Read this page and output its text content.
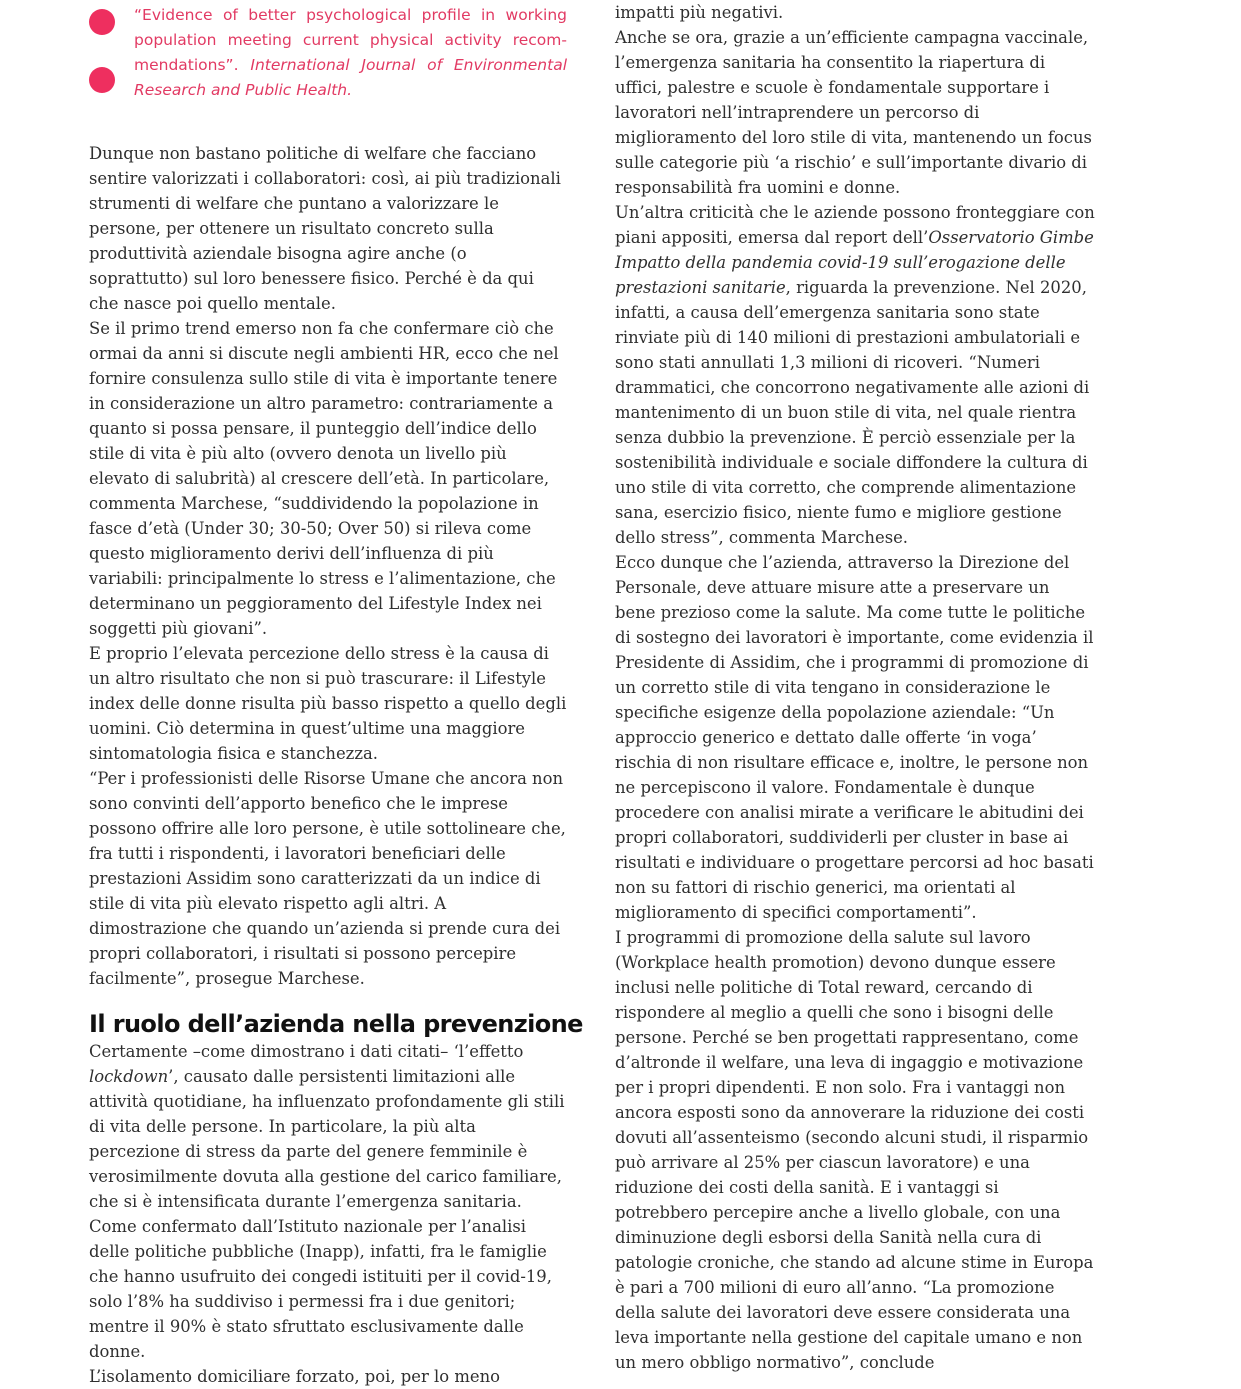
“Evidence of better psychological profile in working population meeting current physical activity recom-mendations”. International Journal of Environmental Research and Public Health.

Dunque non bastano politiche di welfare che facciano sentire valorizzati i collaboratori: così, ai più tradizionali strumenti di welfare che puntano a valorizzare le persone, per ottenere un risultato concreto sulla produttività aziendale bisogna agire anche (o soprattutto) sul loro benessere fisico. Perché è da qui che nasce poi quello mentale.

Se il primo trend emerso non fa che confermare ciò che ormai da anni si discute negli ambienti HR, ecco che nel fornire consulenza sullo stile di vita è importante tenere in considerazione un altro parametro: contrariamente a quanto si possa pensare, il punteggio dell’indice dello stile di vita è più alto (ovvero denota un livello più elevato di salubrità) al crescere dell’età. In particolare, commenta Marchese, “suddividendo la popolazione in fasce d’età (Under 30; 30-50; Over 50) si rileva come questo miglioramento derivi dell’influenza di più variabili: principalmente lo stress e l’alimentazione, che determinano un peggioramento del Lifestyle Index nei soggetti più giovani”.

E proprio l’elevata percezione dello stress è la causa di un altro risultato che non si può trascurare: il Lifestyle index delle donne risulta più basso rispetto a quello degli uomini. Ciò determina in quest’ultime una maggiore sintomatologia fisica e stanchezza.

“Per i professionisti delle Risorse Umane che ancora non sono convinti dell’apporto benefico che le imprese possono offrire alle loro persone, è utile sottolineare che, fra tutti i rispondenti, i lavoratori beneficiari delle prestazioni Assidim sono caratterizzati da un indice di stile di vita più elevato rispetto agli altri. A dimostrazione che quando un’azienda si prende cura dei propri collaboratori, i risultati si possono percepire facilmente”, prosegue Marchese.

Il ruolo dell’azienda nella prevenzione

Certamente –come dimostrano i dati citati– ‘l’effetto lockdown’, causato dalle persistenti limitazioni alle attività quotidiane, ha influenzato profondamente gli stili di vita delle persone. In particolare, la più alta percezione di stress da parte del genere femminile è verosimilmente dovuta alla gestione del carico familiare, che si è intensificata durante l’emergenza sanitaria. Come confermato dall’Istituto nazionale per l’analisi delle politiche pubbliche (Inapp), infatti, fra le famiglie che hanno usufruito dei congedi istituiti per il covid-19, solo l’8% ha suddiviso i permessi fra i due genitori; mentre il 90% è stato sfruttato esclusivamente dalle donne.

L’isolamento domiciliare forzato, poi, per lo meno

impatti più negativi.

Anche se ora, grazie a un’efficiente campagna vaccinale, l’emergenza sanitaria ha consentito la riapertura di uffici, palestre e scuole è fondamentale supportare i lavoratori nell’intraprendere un percorso di miglioramento del loro stile di vita, mantenendo un focus sulle categorie più ‘a rischio’ e sull’importante divario di responsabilità fra uomini e donne.

Un’altra criticità che le aziende possono fronteggiare con piani appositi, emersa dal report dell’Osservatorio Gimbe Impatto della pandemia covid-19 sull’erogazione delle prestazioni sanitarie, riguarda la prevenzione. Nel 2020, infatti, a causa dell’emergenza sanitaria sono state rinviate più di 140 milioni di prestazioni ambulatoriali e sono stati annullati 1,3 milioni di ricoveri. “Numeri drammatici, che concorrono negativamente alle azioni di mantenimento di un buon stile di vita, nel quale rientra senza dubbio la prevenzione. È perciò essenziale per la sostenibilità individuale e sociale diffondere la cultura di uno stile di vita corretto, che comprende alimentazione sana, esercizio fisico, niente fumo e migliore gestione dello stress”, commenta Marchese.

Ecco dunque che l’azienda, attraverso la Direzione del Personale, deve attuare misure atte a preservare un bene prezioso come la salute. Ma come tutte le politiche di sostegno dei lavoratori è importante, come evidenzia il Presidente di Assidim, che i programmi di promozione di un corretto stile di vita tengano in considerazione le specifiche esigenze della popolazione aziendale: “Un approccio generico e dettato dalle offerte ‘in voga’ rischia di non risultare efficace e, inoltre, le persone non ne percepiscono il valore. Fondamentale è dunque procedere con analisi mirate a verificare le abitudini dei propri collaboratori, suddividerli per cluster in base ai risultati e individuare o progettare percorsi ad hoc basati non su fattori di rischio generici, ma orientati al miglioramento di specifici comportamenti”.

I programmi di promozione della salute sul lavoro (Workplace health promotion) devono dunque essere inclusi nelle politiche di Total reward, cercando di rispondere al meglio a quelli che sono i bisogni delle persone. Perché se ben progettati rappresentano, come d’altronde il welfare, una leva di ingaggio e motivazione per i propri dipendenti. E non solo. Fra i vantaggi non ancora esposti sono da annoverare la riduzione dei costi dovuti all’assenteismo (secondo alcuni studi, il risparmio può arrivare al 25% per ciascun lavoratore) e una riduzione dei costi della sanità. E i vantaggi si potrebbero percepire anche a livello globale, con una diminuzione degli esborsi della Sanità nella cura di patologie croniche, che stando ad alcune stime in Europa è pari a 700 milioni di euro all’anno. “La promozione della salute dei lavoratori deve essere considerata una leva importante nella gestione del capitale umano e non un mero obbligo normativo”, conclude
